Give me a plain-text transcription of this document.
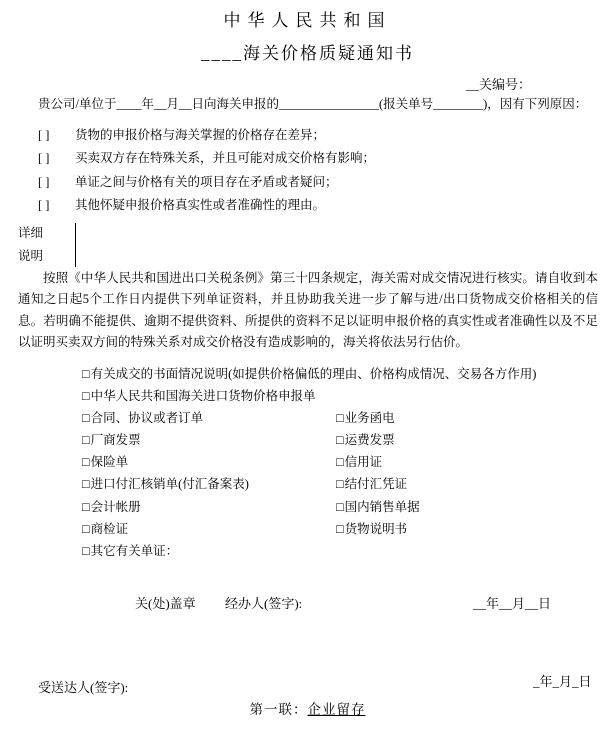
中华人民共和国
____海关价格质疑通知书
__关编号：
贵公司/单位于____年__月__日向海关申报的________________(报关单号________)，因有下列原因：
[ ]	货物的申报价格与海关掌握的价格存在差异；
[ ]	买卖双方存在特殊关系，并且可能对成交价格有影响；
[ ]	单证之间与价格有关的项目存在矛盾或者疑问；
[ ]	其他怀疑申报价格真实性或者准确性的理由。
详细
说明
按照《中华人民共和国进出口关税条例》第三十四条规定，海关需对成交情况进行核实。请自收到本通知之日起5个工作日内提供下列单证资料，并且协助我关进一步了解与进/出口货物成交价格相关的信息。若明确不能提供、逾期不提供资料、所提供的资料不足以证明申报价格的真实性或者准确性以及不足以证明买卖双方间的特殊关系对成交价格没有造成影响的，海关将依法另行估价。
□ 有关成交的书面情况说明(如提供价格偏低的理由、价格构成情况、交易各方作用)
□ 中华人民共和国海关进口货物价格申报单
□ 合同、协议或者订单	□ 业务函电
□ 厂商发票	□ 运费发票
□ 保险单	□ 信用证
□ 进口付汇核销单(付汇备案表)	□ 结付汇凭证
□ 会计帐册	□ 国内销售单据
□ 商检证	□ 货物说明书
□ 其它有关单证：
关(处)盖章 经办人(签字):	__年__月__日
受送达人(签字):	_年_月_日
第一联：企业留存
